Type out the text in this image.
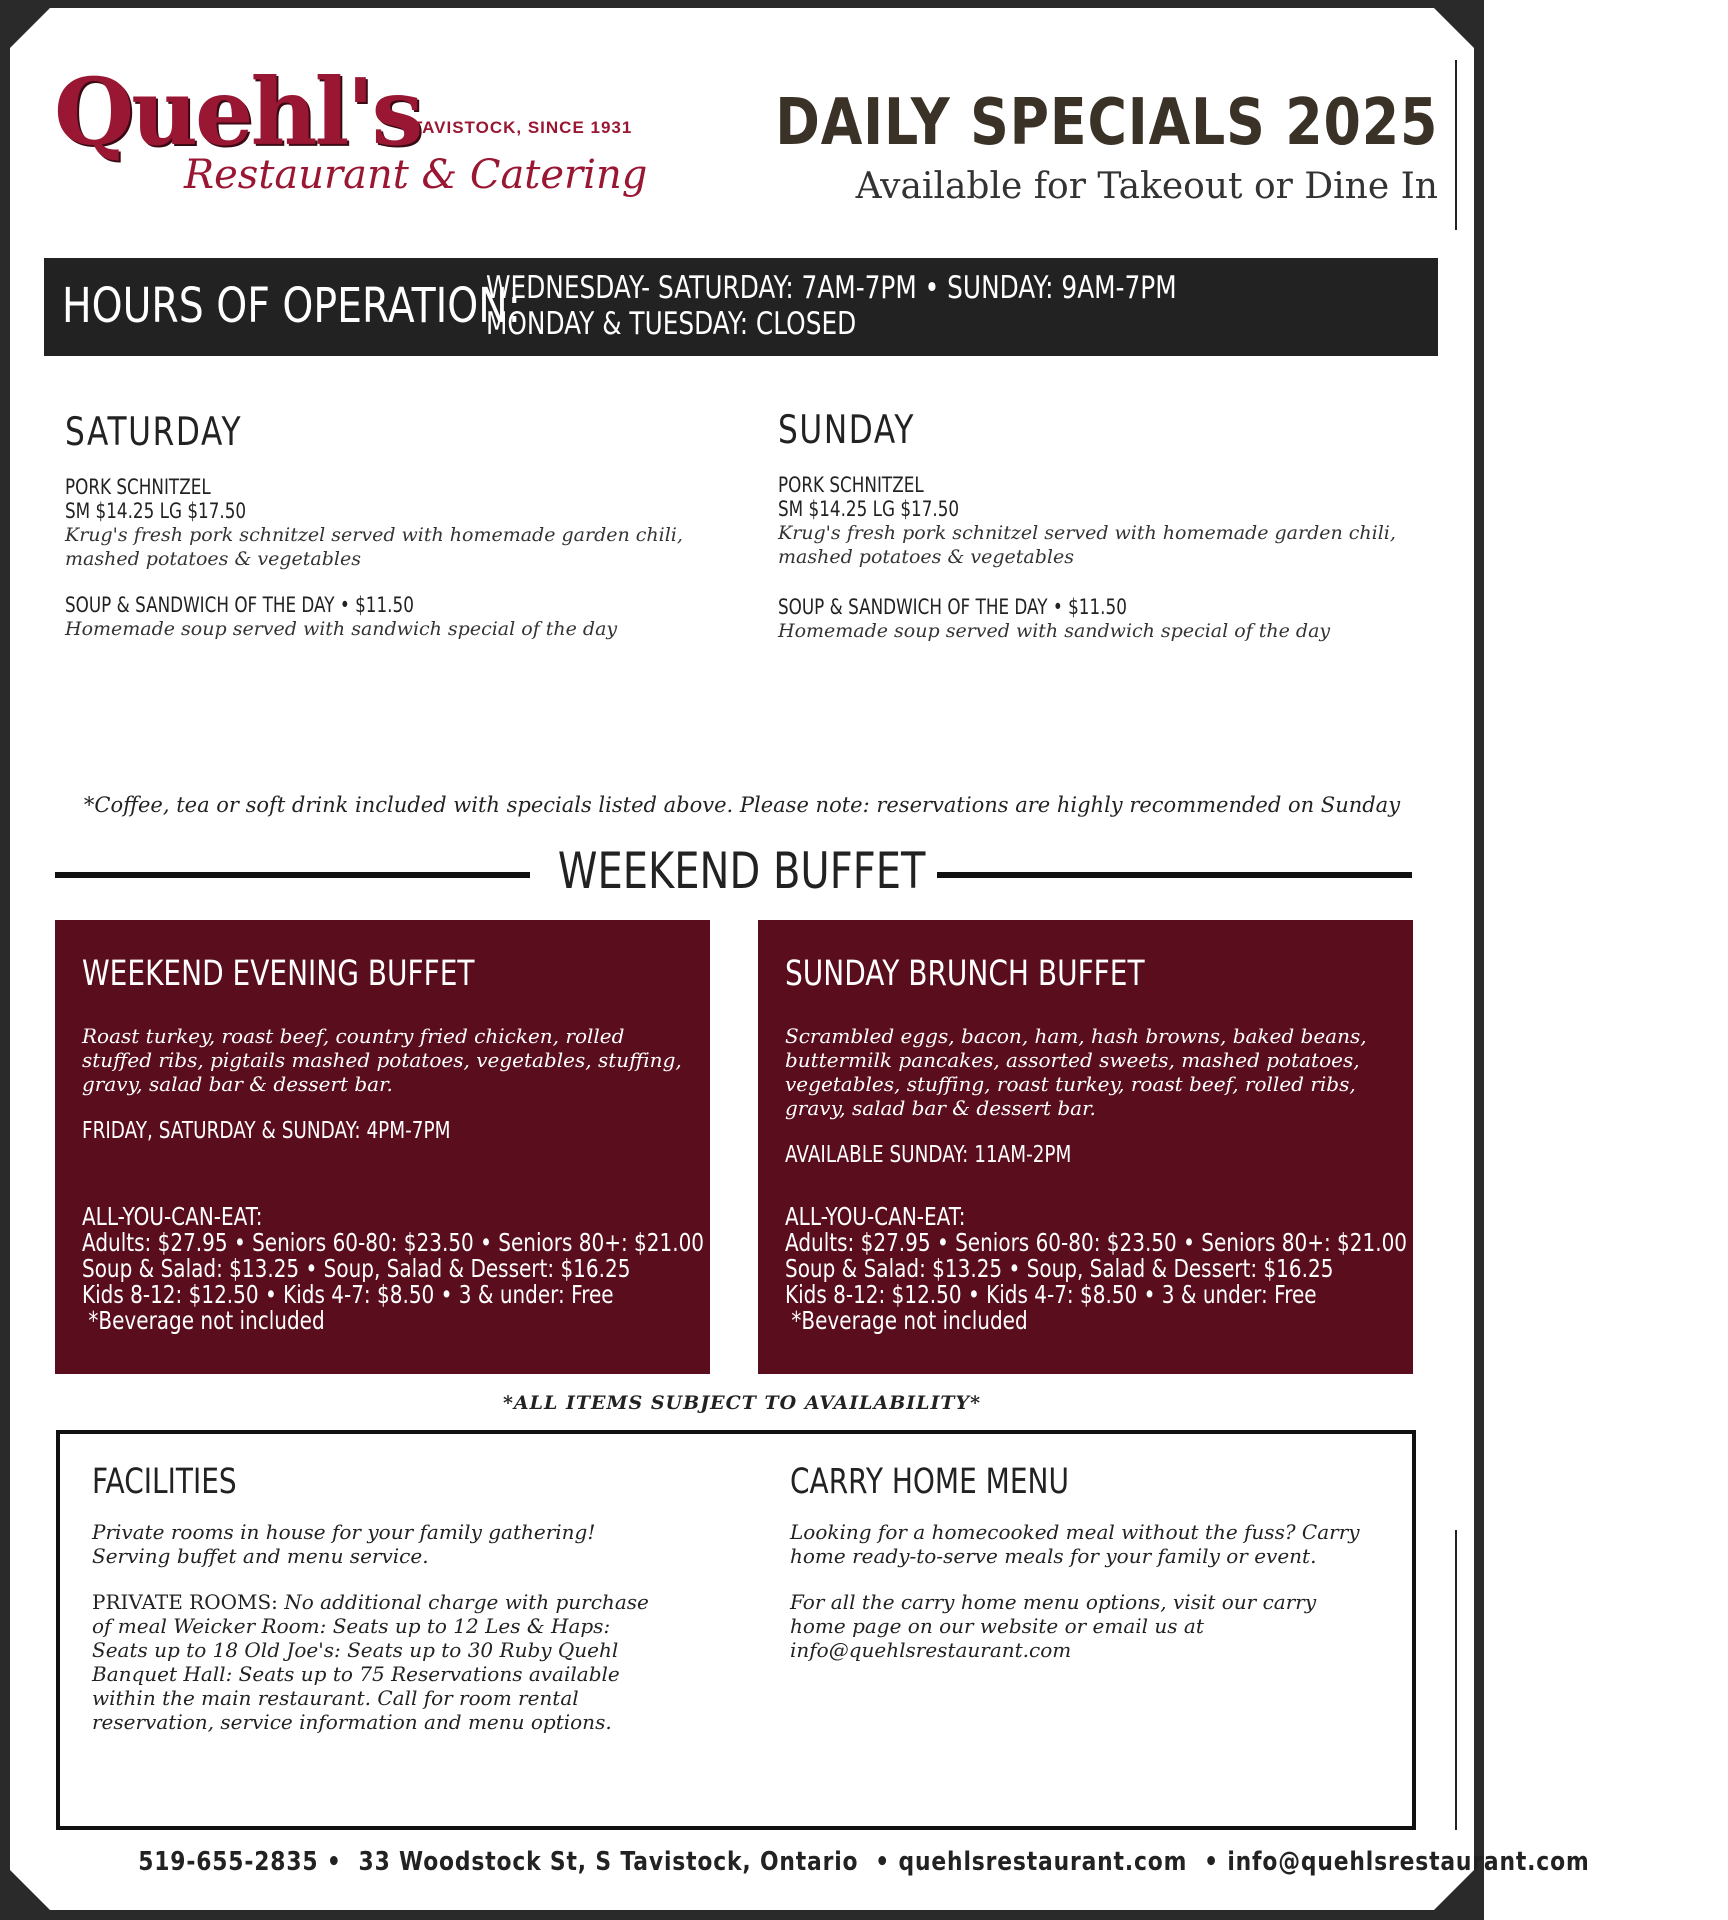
Quehl's
TAVISTOCK, SINCE 1931
Restaurant & Catering
DAILY SPECIALS 2025
Available for Takeout or Dine In
HOURS OF OPERATION:
WEDNESDAY- SATURDAY: 7AM-7PM • SUNDAY: 9AM-7PM
MONDAY & TUESDAY: CLOSED
SATURDAY
PORK SCHNITZEL
SM $14.25 LG $17.50
Krug's fresh pork schnitzel served with homemade garden chili, mashed potatoes & vegetables
SOUP & SANDWICH OF THE DAY • $11.50
Homemade soup served with sandwich special of the day
SUNDAY
PORK SCHNITZEL
SM $14.25 LG $17.50
Krug's fresh pork schnitzel served with homemade garden chili, mashed potatoes & vegetables
SOUP & SANDWICH OF THE DAY • $11.50
Homemade soup served with sandwich special of the day
*Coffee, tea or soft drink included with specials listed above. Please note: reservations are highly recommended on Sunday
WEEKEND BUFFET
WEEKEND EVENING BUFFET
Roast turkey, roast beef, country fried chicken, rolled stuffed ribs, pigtails mashed potatoes, vegetables, stuffing, gravy, salad bar & dessert bar.
FRIDAY, SATURDAY & SUNDAY: 4PM-7PM
ALL-YOU-CAN-EAT:
Adults: $27.95 • Seniors 60-80: $23.50 • Seniors 80+: $21.00
Soup & Salad: $13.25 • Soup, Salad & Dessert: $16.25
Kids 8-12: $12.50 • Kids 4-7: $8.50 • 3 & under: Free
*Beverage not included
SUNDAY BRUNCH BUFFET
Scrambled eggs, bacon, ham, hash browns, baked beans, buttermilk pancakes, assorted sweets, mashed potatoes, vegetables, stuffing, roast turkey, roast beef, rolled ribs, gravy, salad bar & dessert bar.
AVAILABLE SUNDAY: 11AM-2PM
ALL-YOU-CAN-EAT:
Adults: $27.95 • Seniors 60-80: $23.50 • Seniors 80+: $21.00
Soup & Salad: $13.25 • Soup, Salad & Dessert: $16.25
Kids 8-12: $12.50 • Kids 4-7: $8.50 • 3 & under: Free
*Beverage not included
*ALL ITEMS SUBJECT TO AVAILABILITY*
FACILITIES

Private rooms in house for your family gathering! Serving buffet and menu service.

PRIVATE ROOMS: No additional charge with purchase of meal Weicker Room: Seats up to 12 Les & Haps: Seats up to 18 Old Joe's: Seats up to 30 Ruby Quehl Banquet Hall: Seats up to 75 Reservations available within the main restaurant. Call for room rental reservation, service information and menu options.

CARRY HOME MENU

Looking for a homecooked meal without the fuss? Carry home ready-to-serve meals for your family or event.

For all the carry home menu options, visit our carry home page on our website or email us at info@quehlsrestaurant.com

519-655-2835 •  33 Woodstock St, S Tavistock, Ontario  • quehlsrestaurant.com  • info@quehlsrestaurant.com
